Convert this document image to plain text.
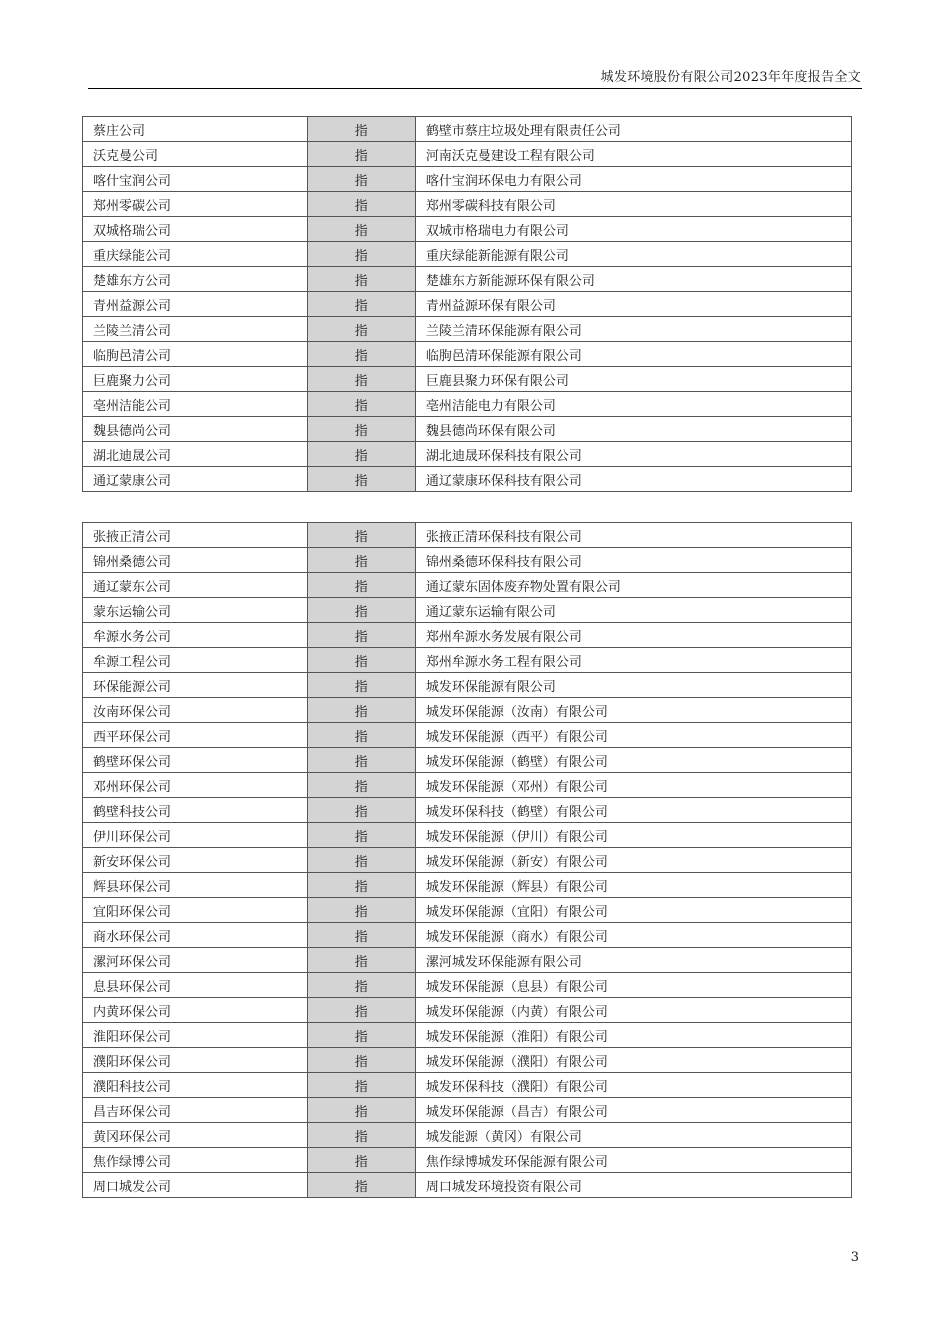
城发环境股份有限公司2023年年度报告全文
蔡庄公司	指	鹤壁市蔡庄垃圾处理有限责任公司
沃克曼公司	指	河南沃克曼建设工程有限公司
喀什宝润公司	指	喀什宝润环保电力有限公司
郑州零碳公司	指	郑州零碳科技有限公司
双城格瑞公司	指	双城市格瑞电力有限公司
重庆绿能公司	指	重庆绿能新能源有限公司
楚雄东方公司	指	楚雄东方新能源环保有限公司
青州益源公司	指	青州益源环保有限公司
兰陵兰清公司	指	兰陵兰清环保能源有限公司
临朐邑清公司	指	临朐邑清环保能源有限公司
巨鹿聚力公司	指	巨鹿县聚力环保有限公司
亳州洁能公司	指	亳州洁能电力有限公司
魏县德尚公司	指	魏县德尚环保有限公司
湖北迪晟公司	指	湖北迪晟环保科技有限公司
通辽蒙康公司	指	通辽蒙康环保科技有限公司
张掖正清公司	指	张掖正清环保科技有限公司
锦州桑德公司	指	锦州桑德环保科技有限公司
通辽蒙东公司	指	通辽蒙东固体废弃物处置有限公司
蒙东运输公司	指	通辽蒙东运输有限公司
牟源水务公司	指	郑州牟源水务发展有限公司
牟源工程公司	指	郑州牟源水务工程有限公司
环保能源公司	指	城发环保能源有限公司
汝南环保公司	指	城发环保能源（汝南）有限公司
西平环保公司	指	城发环保能源（西平）有限公司
鹤壁环保公司	指	城发环保能源（鹤壁）有限公司
邓州环保公司	指	城发环保能源（邓州）有限公司
鹤壁科技公司	指	城发环保科技（鹤壁）有限公司
伊川环保公司	指	城发环保能源（伊川）有限公司
新安环保公司	指	城发环保能源（新安）有限公司
辉县环保公司	指	城发环保能源（辉县）有限公司
宜阳环保公司	指	城发环保能源（宜阳）有限公司
商水环保公司	指	城发环保能源（商水）有限公司
漯河环保公司	指	漯河城发环保能源有限公司
息县环保公司	指	城发环保能源（息县）有限公司
内黄环保公司	指	城发环保能源（内黄）有限公司
淮阳环保公司	指	城发环保能源（淮阳）有限公司
濮阳环保公司	指	城发环保能源（濮阳）有限公司
濮阳科技公司	指	城发环保科技（濮阳）有限公司
昌吉环保公司	指	城发环保能源（昌吉）有限公司
黄冈环保公司	指	城发能源（黄冈）有限公司
焦作绿博公司	指	焦作绿博城发环保能源有限公司
周口城发公司	指	周口城发环境投资有限公司
3
